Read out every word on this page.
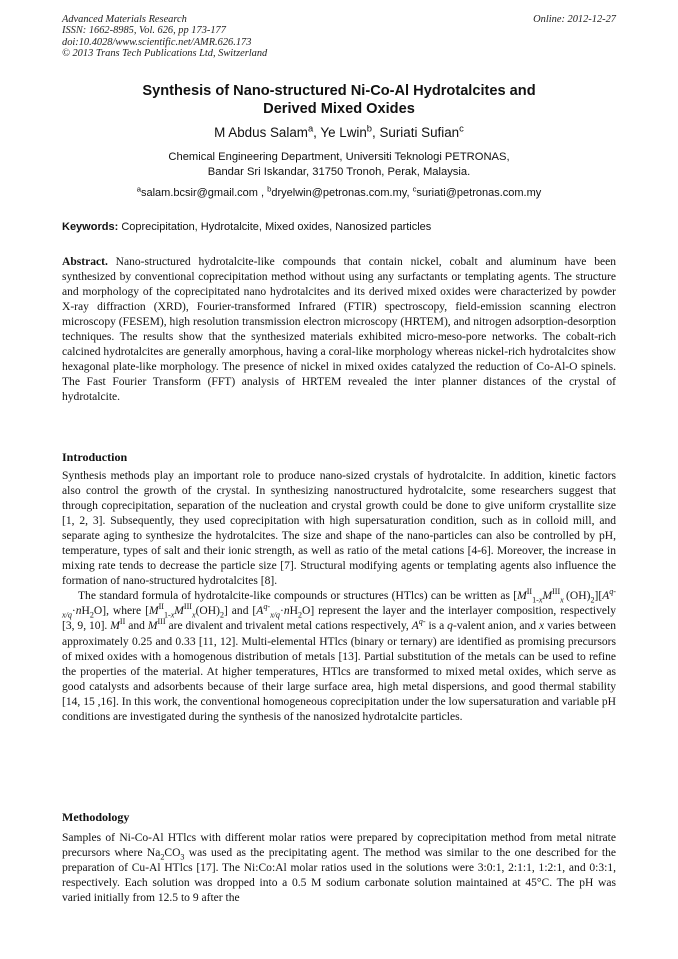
Advanced Materials Research
ISSN: 1662-8985, Vol. 626, pp 173-177
doi:10.4028/www.scientific.net/AMR.626.173
© 2013 Trans Tech Publications Ltd, Switzerland
Online: 2012-12-27
Synthesis of Nano-structured Ni-Co-Al Hydrotalcites and
Derived Mixed Oxides
M Abdus Salam$^a$, Ye Lwin$^b$, Suriati Sufian$^c$
Chemical Engineering Department, Universiti Teknologi PETRONAS,
Bandar Sri Iskandar, 31750 Tronoh, Perak, Malaysia.
$^a$salam.bcsir@gmail.com , $^b$dryelwin@petronas.com.my, $^c$suriati@petronas.com.my
Keywords: Coprecipitation, Hydrotalcite, Mixed oxides, Nanosized particles

Abstract. Nano-structured hydrotalcite-like compounds that contain nickel, cobalt and aluminum have been synthesized by conventional coprecipitation method without using any surfactants or templating agents. The structure and morphology of the coprecipitated nano hydrotalcites and its derived mixed oxides were characterized by powder X-ray diffraction (XRD), Fourier-transformed Infrared (FTIR) spectroscopy, field-emission scanning electron microscopy (FESEM), high resolution transmission electron microscopy (HRTEM), and nitrogen adsorption-desorption techniques. The results show that the synthesized materials exhibited micro-meso-pore networks. The cobalt-rich calcined hydrotalcites are generally amorphous, having a coral-like morphology whereas nickel-rich hydrotalcites show hexagonal plate-like morphology. The presence of nickel in mixed oxides catalyzed the reduction of Co-Al-O spinels. The Fast Fourier Transform (FFT) analysis of HRTEM revealed the inter planner distances of the crystal of hydrotalcite.

Introduction

Synthesis methods play an important role to produce nano-sized crystals of hydrotalcite. In addition, kinetic factors also control the growth of the crystal. In synthesizing nanostructured hydrotalcite, some researchers suggest that through coprecipitation, separation of the nucleation and crystal growth could be done to give uniform crystallite size [1, 2, 3]. Subsequently, they used coprecipitation with high supersaturation condition, such as in colloid mill, and separate aging to synthesize the hydrotalcites. The size and shape of the nano-particles can also be controlled by pH, temperature, types of salt and their ionic strength, as well as ratio of the metal cations [4-6]. Moreover, the increase in mixing rate tends to decrease the particle size [7]. Structural modifying agents or templating agents also influence the formation of nano-structured hydrotalcites [8].

The standard formula of hydrotalcite-like compounds or structures (HTlcs) can be written as [$M^{II}_{1-x}M^{III}_x$ $(OH)_2][A^{q-}_{x/q}\cdot nH_2O]$, where $[M^{II}_{1-x}M^{III}_x(OH)_2]$ and $[A^{q-}_{x/q}\cdot nH_2O]$ represent the layer and the interlayer composition, respectively [3, 9, 10]. $M^{II}$ and $M^{III}$ are divalent and trivalent metal cations respectively, $A^{q-}$ is a q-valent anion, and x varies between approximately 0.25 and 0.33 [11, 12]. Multi-elemental HTlcs (binary or ternary) are identified as promising precursors of mixed oxides with a homogenous distribution of metals [13]. Partial substitution of the metals can be used to refine the properties of the material. At higher temperatures, HTlcs are transformed to mixed metal oxides, which serve as good catalysts and adsorbents because of their large surface area, high metal dispersions, and good thermal stability [14, 15 ,16]. In this work, the conventional homogeneous coprecipitation under the low supersaturation and variable pH conditions are investigated during the synthesis of the nanosized hydrotalcite particles.

Methodology

Samples of Ni-Co-Al HTlcs with different molar ratios were prepared by coprecipitation method from metal nitrate precursors where $Na_2CO_3$ was used as the precipitating agent. The method was similar to the one described for the preparation of Cu-Al HTlcs [17]. The Ni:Co:Al molar ratios used in the solutions were 3:0:1, 2:1:1, 1:2:1, and 0:3:1, respectively. Each solution was dropped into a 0.5 M sodium carbonate solution maintained at 45°C. The pH was varied initially from 12.5 to 9 after the
